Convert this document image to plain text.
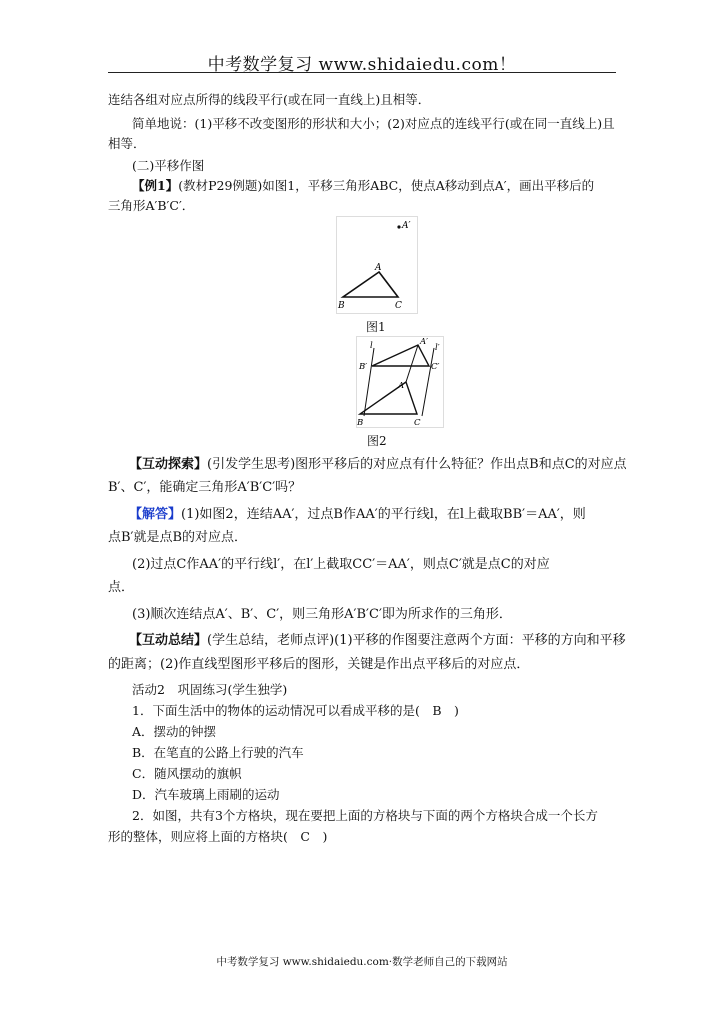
中考数学复习 www.shidaiedu.com！
连结各组对应点所得的线段平行(或在同一直线上)且相等．
简单地说：(1)平移不改变图形的形状和大小；(2)对应点的连线平行(或在同一直线上)且
相等．
(二)平移作图
【例1】(教材P29例题)如图1，平移三角形ABC，使点A移动到点A′，画出平移后的
三角形A′B′C′．
A′
A
B	C
图1
l	l′
A′
B′	C′
A
B	C
图2
【互动探索】(引发学生思考)图形平移后的对应点有什么特征？作出点B和点C的对应点
B′、C′，能确定三角形A′B′C′吗？
【解答】(1)如图2，连结AA′，过点B作AA′的平行线l，在l上截取BB′＝AA′，则
点B′就是点B的对应点．
(2)过点C作AA′的平行线l′，在l′上截取CC′＝AA′，则点C′就是点C的对应
点．
(3)顺次连结点A′、B′、C′，则三角形A′B′C′即为所求作的三角形．
【互动总结】(学生总结，老师点评)(1)平移的作图要注意两个方面：平移的方向和平移
的距离；(2)作直线型图形平移后的图形，关键是作出点平移后的对应点．
活动2　巩固练习(学生独学)
1．下面生活中的物体的运动情况可以看成平移的是(　B　)
A．摆动的钟摆
B．在笔直的公路上行驶的汽车
C．随风摆动的旗帜
D．汽车玻璃上雨刷的运动
2．如图，共有3个方格块，现在要把上面的方格块与下面的两个方格块合成一个长方
形的整体，则应将上面的方格块(　C　)
中考数学复习 www.shidaiedu.com·数学老师自己的下载网站
